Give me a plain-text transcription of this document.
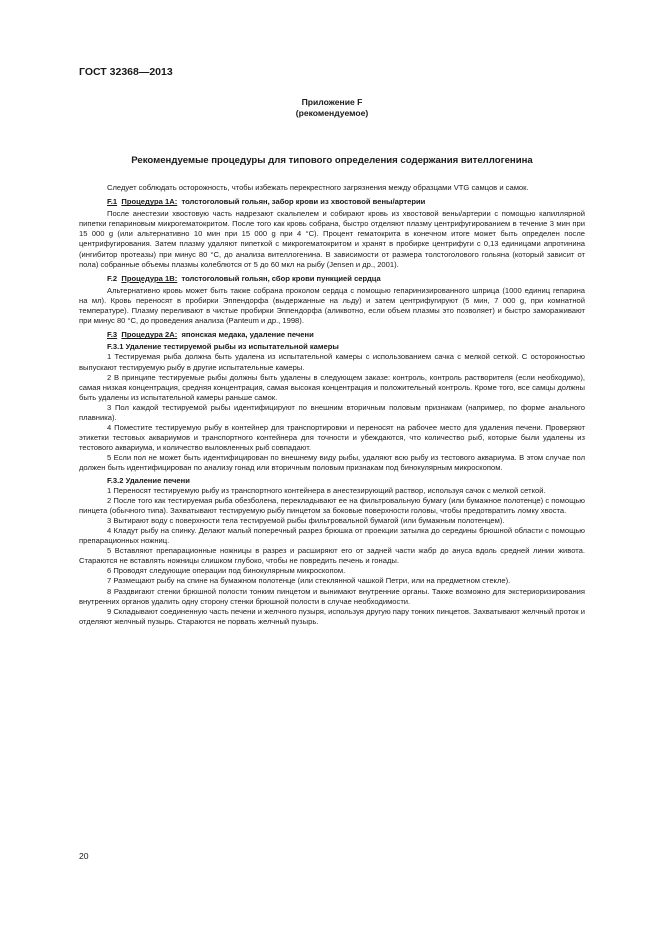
ГОСТ 32368—2013
Приложение F
(рекомендуемое)
Рекомендуемые процедуры для типового определения содержания вителлогенина

Следует соблюдать осторожность, чтобы избежать перекрестного загрязнения между образцами VTG самцов и самок.

F.1 Процедура 1А: толстоголовый гольян, забор крови из хвостовой вены/артерии

После анестезии хвостовую часть надрезают скальпелем и собирают кровь из хвостовой вены/артерии с помощью капиллярной пипетки гепариновым микрогематокритом. После того как кровь собрана, быстро отделяют плазму центрифугированием в течение 3 мин при 15 000 g (или альтернативно 10 мин при 15 000 g при 4 °C). Процент гематокрита в конечном итоге может быть определен после центрифугирования. Затем плазму удаляют пипеткой с микрогематокритом и хранят в пробирке центрифуги с 0,13 единицами апротинина (ингибитор протеазы) при минус 80 °C, до анализа вителлогенина. В зависимости от размера толстоголового гольяна (который зависит от пола) собранные объемы плазмы колеблются от 5 до 60 мкл на рыбу (Jensen и др., 2001).

F.2 Процедура 1В: толстоголовый гольян, сбор крови пункцией сердца

Альтернативно кровь может быть также собрана проколом сердца с помощью гепаринизированного шприца (1000 единиц гепарина на мл). Кровь переносят в пробирки Эппендорфа (выдержанные на льду) и затем центрифугируют (5 мин, 7 000 g, при комнатной температуре). Плазму переливают в чистые пробирки Эппендорфа (аликвотно, если объем плазмы это позволяет) и быстро замораживают при минус 80 °C, до проведения анализа (Panteum и др., 1998).

F.3 Процедура 2А: японская медака, удаление печени
F.3.1 Удаление тестируемой рыбы из испытательной камеры

1 Тестируемая рыба должна быть удалена из испытательной камеры с использованием сачка с мелкой сеткой. С осторожностью выпускают тестируемую рыбу в другие испытательные камеры.

2 В принципе тестируемые рыбы должны быть удалены в следующем заказе: контроль, контроль растворителя (если необходимо), самая низкая концентрация, средняя концентрация, самая высокая концентрация и положительный контроль. Кроме того, все самцы должны быть удалены из испытательной камеры раньше самок.

3 Пол каждой тестируемой рыбы идентифицируют по внешним вторичным половым признакам (например, по форме анального плавника).

4 Поместите тестируемую рыбу в контейнер для транспортировки и переносят на рабочее место для удаления печени. Проверяют этикетки тестовых аквариумов и транспортного контейнера для точности и убеждаются, что количество рыб, которые были удалены из тестового аквариума, и количество выловленных рыб совпадают.

5 Если пол не может быть идентифицирован по внешнему виду рыбы, удаляют всю рыбу из тестового аквариума. В этом случае пол должен быть идентифицирован по анализу гонад или вторичным половым признакам под бинокулярным микроскопом.

F.3.2 Удаление печени

1 Переносят тестируемую рыбу из транспортного контейнера в анестезирующий раствор, используя сачок с мелкой сеткой.

2 После того как тестируемая рыба обезболена, перекладывают ее на фильтровальную бумагу (или бумажное полотенце) с помощью пинцета (обычного типа). Захватывают тестируемую рыбу пинцетом за боковые поверхности головы, чтобы предотвратить ломку хвоста.

3 Вытирают воду с поверхности тела тестируемой рыбы фильтровальной бумагой (или бумажным полотенцем).

4 Кладут рыбу на спинку. Делают малый поперечный разрез брюшка от проекции затылка до середины брюшной области с помощью препарационных ножниц.

5 Вставляют препарационные ножницы в разрез и расширяют его от задней части жабр до ануса вдоль средней линии живота. Стараются не вставлять ножницы слишком глубоко, чтобы не повредить печень и гонады.

6 Проводят следующие операции под бинокулярным микроскопом.

7 Размещают рыбу на спине на бумажном полотенце (или стеклянной чашкой Петри, или на предметном стекле).

8 Раздвигают стенки брюшной полости тонким пинцетом и вынимают внутренние органы. Также возможно для экстериоризирования внутренних органов удалить одну сторону стенки брюшной полости в случае необходимости.

9 Складывают соединенную часть печени и желчного пузыря, используя другую пару тонких пинцетов. Захватывают желчный проток и отделяют желчный пузырь. Стараются не порвать желчный пузырь.

20
